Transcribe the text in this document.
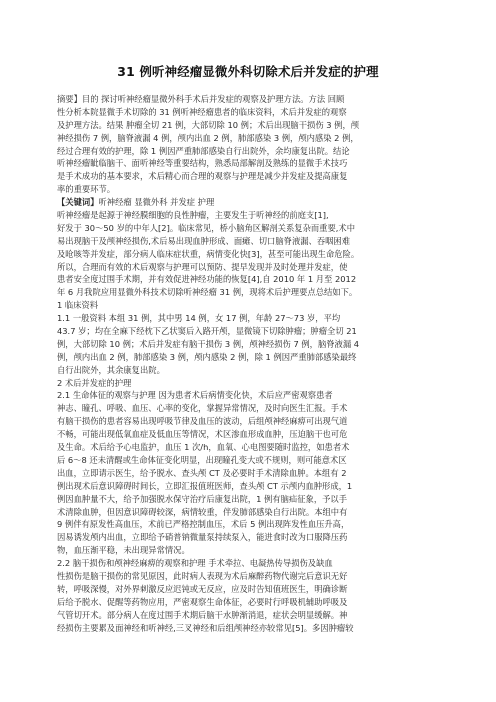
31 例听神经瘤显微外科切除术后并发症的护理
摘要】目的 探讨听神经瘤显微外科手术后并发症的观察及护理方法。方法 回顾
性分析本院显微手术切除的 31 例听神经瘤患者的临床资料，术后并发症的观察
及护理方法。结果 肿瘤全切 21 例，大部切除 10 例；术后出现脑干损伤 3 例，颅
神经损伤 7 例，脑脊液漏 4 例，颅内出血 2 例，肺部感染 3 例，颅内感染 2 例，
经过合理有效的护理，除 1 例因严重肺部感染自行出院外，余均康复出院。结论
听神经瘤眦临脑干、面听神经等重要结构，熟悉局部解剖及熟练的显微手术技巧
是手术成功的基本要求，术后精心而合理的观察与护理是减少并发症及提高康复
率的重要环节。
【关键词】听神经瘤 显微外科 并发症 护理
听神经瘤是起源于神经膜细胞的良性肿瘤，主要发生于听神经的前庭支[1],
好发于 30～50 岁的中年人[2]。临床常见，桥小脑角区解剖关系复杂而重要,术中
易出现脑干及颅神经损伤,术后易出现血肿形成、面瘫、切口脑脊液漏、吞咽困难
及呛咳等并发症，部分病人临床症状重，病情变化快[3]，甚至可能出现生命危险。
所以，合理而有效的术后观察与护理可以预防、提早发现并及时处理并发症，使
患者安全度过围手术期，并有效促进神经功能的恢复[4],自 2010 年 1 月至 2012
年 6 月我院应用显微外科技术切除听神经瘤 31 例，现将术后护理要点总结如下。
1 临床资料
1.1 一般资料 本组 31 例，其中男 14 例，女 17 例，年龄 27～73 岁，平均
43.7 岁；均在全麻下经枕下乙状窦后入路开颅，显微镜下切除肿瘤；肿瘤全切 21
例，大部切除 10 例；术后并发症有脑干损伤 3 例，颅神经损伤 7 例，脑脊液漏 4
例，颅内出血 2 例，肺部感染 3 例，颅内感染 2 例，除 1 例因严重肺部感染最终
自行出院外，其余康复出院。
2 术后并发症的护理
2.1 生命体征的观察与护理 因为患者术后病情变化快，术后应严密观察患者
神志、瞳孔、呼吸、血压、心率的变化，掌握异常情况，及时向医生汇报。手术
有脑干损伤的患者容易出现呼吸节律及血压的波动，后组颅神经麻痹可出现气道
不畅，可能出现低氧血症及低血压等情况，术区渗血形成血肿，压迫脑干也可危
及生命。术后给予心电监护，血压 1 次/h，血氧、心电图要随时监控，如患者术
后 6～8 还未清醒或生命体征变化明显，出现瞳孔变大或不规则，则可能意术区
出血，立即请示医生，给予脱水、查头颅 CT 及必要时手术清除血肿。本组有 2
例出现术后意识障碍时间长，立即汇报值班医师，查头颅 CT 示颅内血肿形成，1
例因血肿量不大，给予加强脱水保守治疗后康复出院，1 例有脑疝征象，予以手
术清除血肿，但因意识障碍较深，病情较重，伴发肺部感染自行出院。本组中有
9 例伴有原发性高血压，术前已严格控制血压，术后 5 例出现阵发性血压升高，
因易诱发颅内出血，立即给予硝普钠微量泵持续泵入，能进食时改为口服降压药
物，血压渐平稳，未出现异常情况。
2.2 脑干损伤和颅神经麻痹的观察和护理 手术牵拉、电凝热传导损伤及缺血
性损伤是脑干损伤的常见原因，此时病人表现为术后麻醉药物代谢完后意识无好
转，呼吸深慢，对外界刺激反应迟钝或无反应，应及时告知值班医生，明确诊断
后给予脱水、促醒等药物应用，严密观察生命体征，必要时行呼吸机辅助呼吸及
气管切开术。部分病人在度过围手术期后脑干水肿渐消退，症状会明显缓解。神
经损伤主要累及面神经和听神经,三叉神经和后组颅神经亦较常见[5]。多因肿瘤较
